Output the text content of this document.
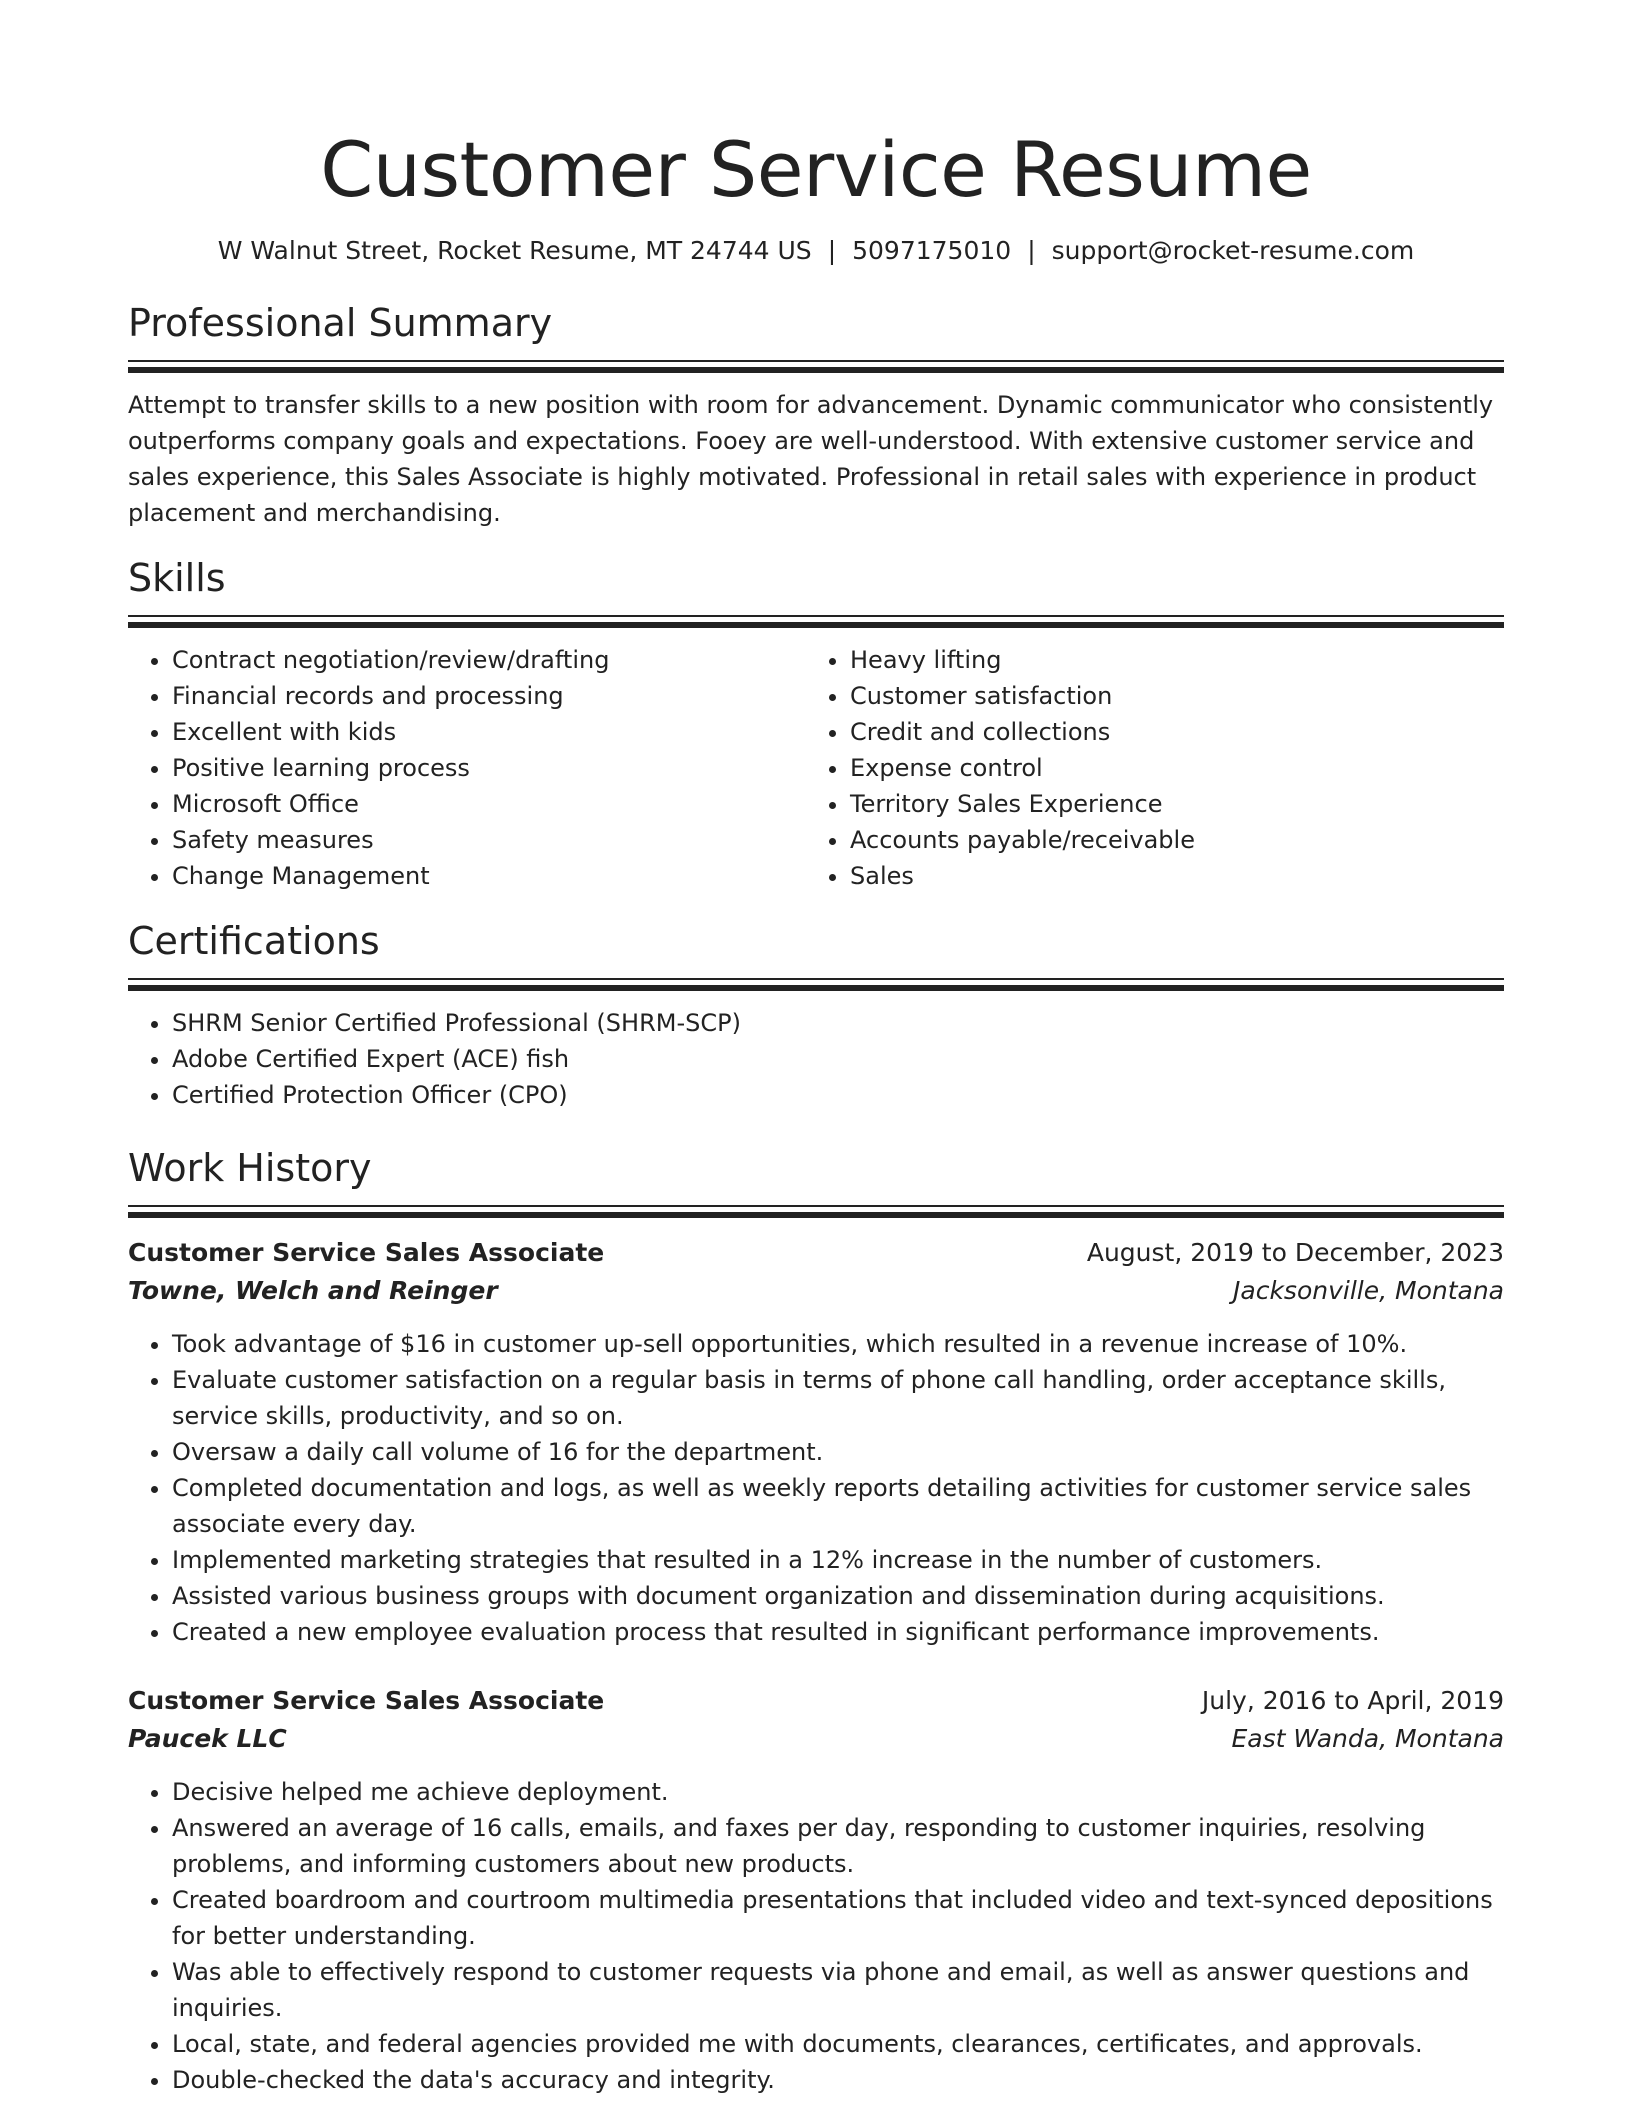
Customer Service Resume
W Walnut Street, Rocket Resume, MT 24744 US | 5097175010 | support@rocket-resume.com
Professional Summary

Attempt to transfer skills to a new position with room for advancement. Dynamic communicator who consistently outperforms company goals and expectations. Fooey are well-understood. With extensive customer service and sales experience, this Sales Associate is highly motivated. Professional in retail sales with experience in product placement and merchandising.

Skills
• Contract negotiation/review/drafting
• Financial records and processing
• Excellent with kids
• Positive learning process
• Microsoft Office
• Safety measures
• Change Management
• Heavy lifting
• Customer satisfaction
• Credit and collections
• Expense control
• Territory Sales Experience
• Accounts payable/receivable
• Sales
Certifications
• SHRM Senior Certified Professional (SHRM-SCP)
• Adobe Certified Expert (ACE) fish
• Certified Protection Officer (CPO)
Work History
Customer Service Sales Associate	August, 2019 to December, 2023
Towne, Welch and Reinger	Jacksonville, Montana
• Took advantage of $16 in customer up-sell opportunities, which resulted in a revenue increase of 10%.
• Evaluate customer satisfaction on a regular basis in terms of phone call handling, order acceptance skills, service skills, productivity, and so on.
• Oversaw a daily call volume of 16 for the department.
• Completed documentation and logs, as well as weekly reports detailing activities for customer service sales associate every day.
• Implemented marketing strategies that resulted in a 12% increase in the number of customers.
• Assisted various business groups with document organization and dissemination during acquisitions.
• Created a new employee evaluation process that resulted in significant performance improvements.
Customer Service Sales Associate	July, 2016 to April, 2019
Paucek LLC	East Wanda, Montana
• Decisive helped me achieve deployment.
• Answered an average of 16 calls, emails, and faxes per day, responding to customer inquiries, resolving problems, and informing customers about new products.
• Created boardroom and courtroom multimedia presentations that included video and text-synced depositions for better understanding.
• Was able to effectively respond to customer requests via phone and email, as well as answer questions and inquiries.
• Local, state, and federal agencies provided me with documents, clearances, certificates, and approvals.
• Double-checked the data's accuracy and integrity.
